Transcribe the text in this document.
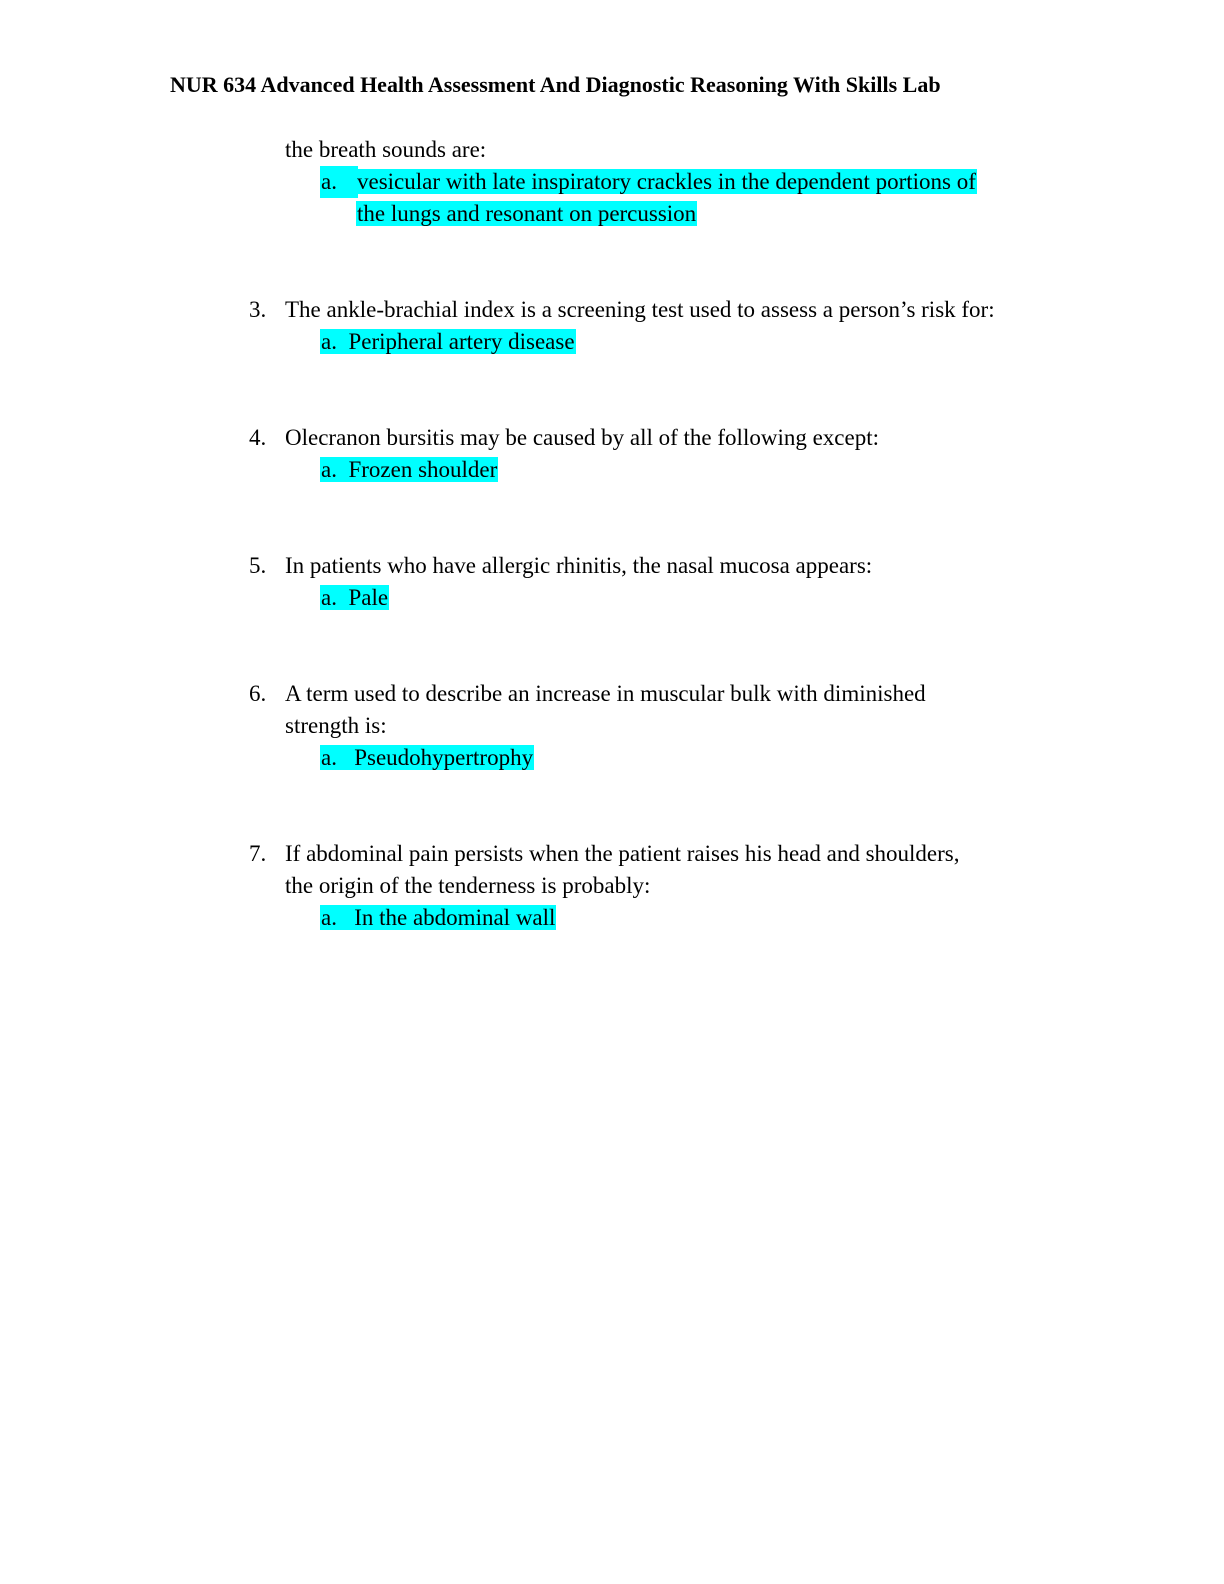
NUR 634 Advanced Health Assessment And Diagnostic Reasoning With Skills Lab
the breath sounds are:
a. vesicular with late inspiratory crackles in the dependent portions of
the lungs and resonant on percussion
3. The ankle-brachial index is a screening test used to assess a person’s risk for:
a. Peripheral artery disease
4. Olecranon bursitis may be caused by all of the following except:
a. Frozen shoulder
5. In patients who have allergic rhinitis, the nasal mucosa appears:
a. Pale
6. A term used to describe an increase in muscular bulk with diminished
strength is:
a. Pseudohypertrophy
7. If abdominal pain persists when the patient raises his head and shoulders,
the origin of the tenderness is probably:
a. In the abdominal wall
